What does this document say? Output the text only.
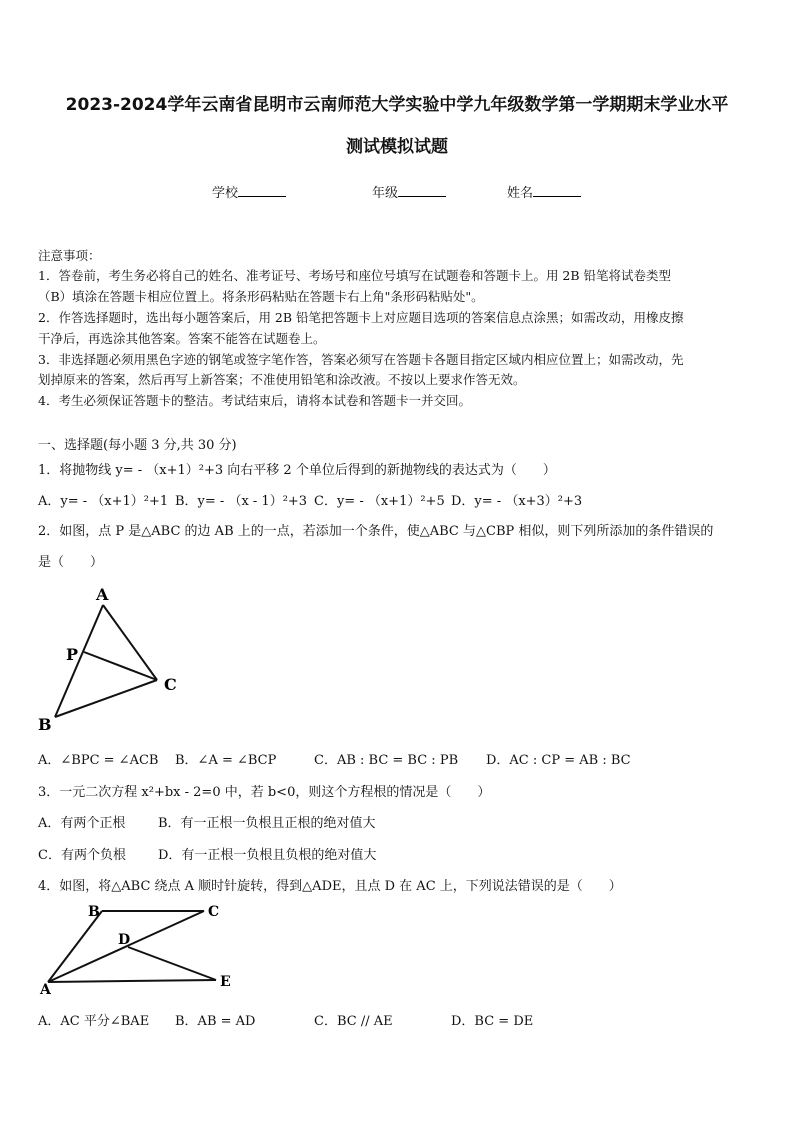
2023-2024学年云南省昆明市云南师范大学实验中学九年级数学第一学期期末学业水平
测试模拟试题
学校	年级	姓名
注意事项：
1．答卷前，考生务必将自己的姓名、准考证号、考场号和座位号填写在试题卷和答题卡上。用 2B 铅笔将试卷类型
（B）填涂在答题卡相应位置上。将条形码粘贴在答题卡右上角"条形码粘贴处"。
2．作答选择题时，选出每小题答案后，用 2B 铅笔把答题卡上对应题目选项的答案信息点涂黑；如需改动，用橡皮擦
干净后，再选涂其他答案。答案不能答在试题卷上。
3．非选择题必须用黑色字迹的钢笔或签字笔作答，答案必须写在答题卡各题目指定区域内相应位置上；如需改动，先
划掉原来的答案，然后再写上新答案；不准使用铅笔和涂改液。不按以上要求作答无效。
4．考生必须保证答题卡的整洁。考试结束后，请将本试卷和答题卡一并交回。
一、选择题(每小题 3 分,共 30 分)
1．将抛物线 y= - （x+1）²+3 向右平移 2 个单位后得到的新抛物线的表达式为（　　）
A．y= - （x+1）²+1 B．y= - （x - 1）²+3 C．y= - （x+1）²+5 D．y= - （x+3）²+3
2．如图，点 P 是△ABC 的边 AB 上的一点，若添加一个条件，使△ABC 与△CBP 相似，则下列所添加的条件错误的
是（　　）
A
P
C
B
A．∠BPC = ∠ACB B．∠A = ∠BCP	C．AB : BC = BC : PB D．AC : CP = AB : BC
3．一元二次方程 x²+bx - 2=0 中，若 b<0，则这个方程根的情况是（　　）
A．有两个正根	B．有一正根一负根且正根的绝对值大
C．有两个负根 D．有一正根一负根且负根的绝对值大
4．如图，将△ABC 绕点 A 顺时针旋转，得到△ADE，且点 D 在 AC 上，下列说法错误的是（　　）
B	C
D
A	E
A．AC 平分∠BAE B．AB = AD	C．BC // AE	D．BC = DE
